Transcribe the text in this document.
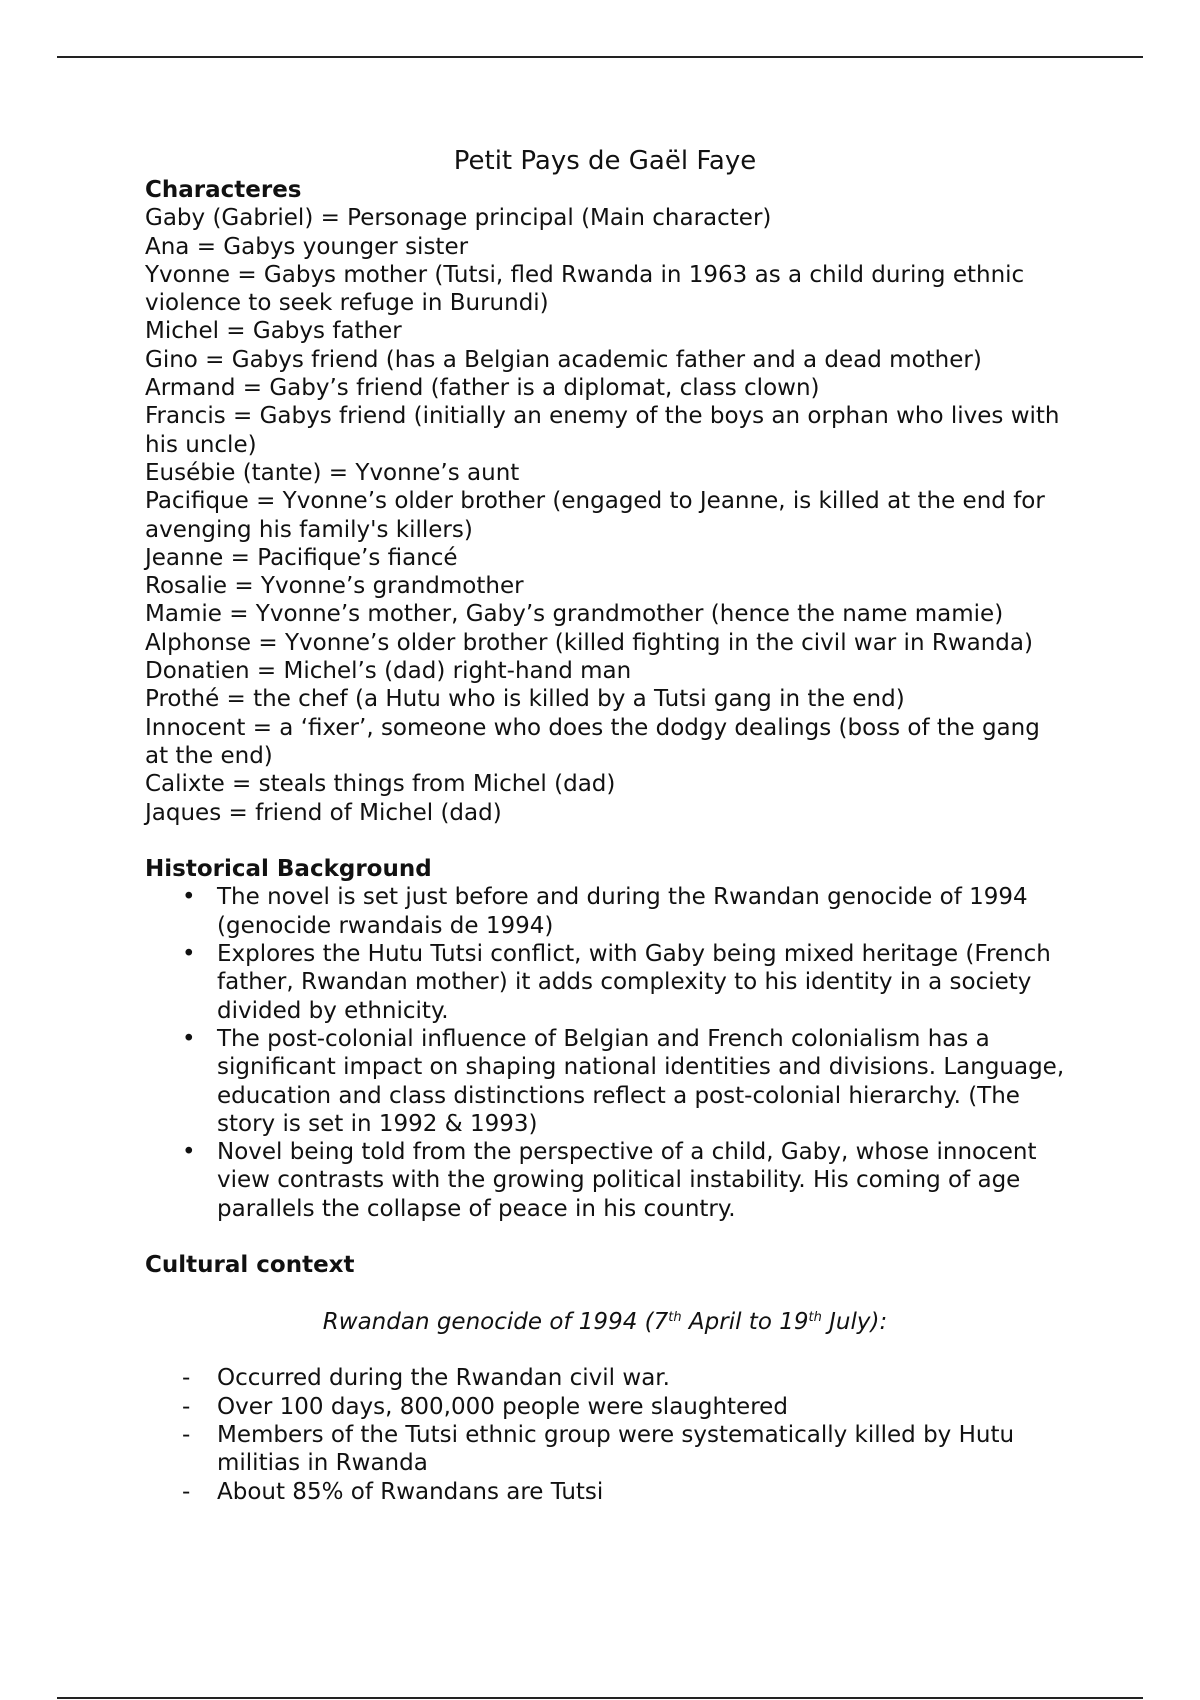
Petit Pays de Gaël Faye
Characteres
Gaby (Gabriel) = Personage principal (Main character)
Ana = Gabys younger sister
Yvonne = Gabys mother (Tutsi, fled Rwanda in 1963 as a child during ethnic violence to seek refuge in Burundi)
Michel = Gabys father
Gino = Gabys friend (has a Belgian academic father and a dead mother)
Armand = Gaby’s friend (father is a diplomat, class clown)
Francis = Gabys friend (initially an enemy of the boys an orphan who lives with his uncle)
Eusébie (tante) = Yvonne’s aunt
Pacifique = Yvonne’s older brother (engaged to Jeanne, is killed at the end for avenging his family's killers)
Jeanne = Pacifique’s fiancé
Rosalie = Yvonne’s grandmother
Mamie = Yvonne’s mother, Gaby’s grandmother (hence the name mamie)
Alphonse = Yvonne’s older brother (killed fighting in the civil war in Rwanda)
Donatien = Michel’s (dad) right-hand man
Prothé = the chef (a Hutu who is killed by a Tutsi gang in the end)
Innocent = a ‘fixer’, someone who does the dodgy dealings (boss of the gang at the end)
Calixte = steals things from Michel (dad)
Jaques = friend of Michel (dad)
Historical Background
• The novel is set just before and during the Rwandan genocide of 1994 (genocide rwandais de 1994)
• Explores the Hutu Tutsi conflict, with Gaby being mixed heritage (French father, Rwandan mother) it adds complexity to his identity in a society divided by ethnicity.
• The post-colonial influence of Belgian and French colonialism has a significant impact on shaping national identities and divisions. Language, education and class distinctions reflect a post-colonial hierarchy. (The story is set in 1992 & 1993)
• Novel being told from the perspective of a child, Gaby, whose innocent view contrasts with the growing political instability. His coming of age parallels the collapse of peace in his country.
Cultural context
Rwandan genocide of 1994 (7th April to 19th July):
- Occurred during the Rwandan civil war.
- Over 100 days, 800,000 people were slaughtered
- Members of the Tutsi ethnic group were systematically killed by Hutu militias in Rwanda
- About 85% of Rwandans are Tutsi
